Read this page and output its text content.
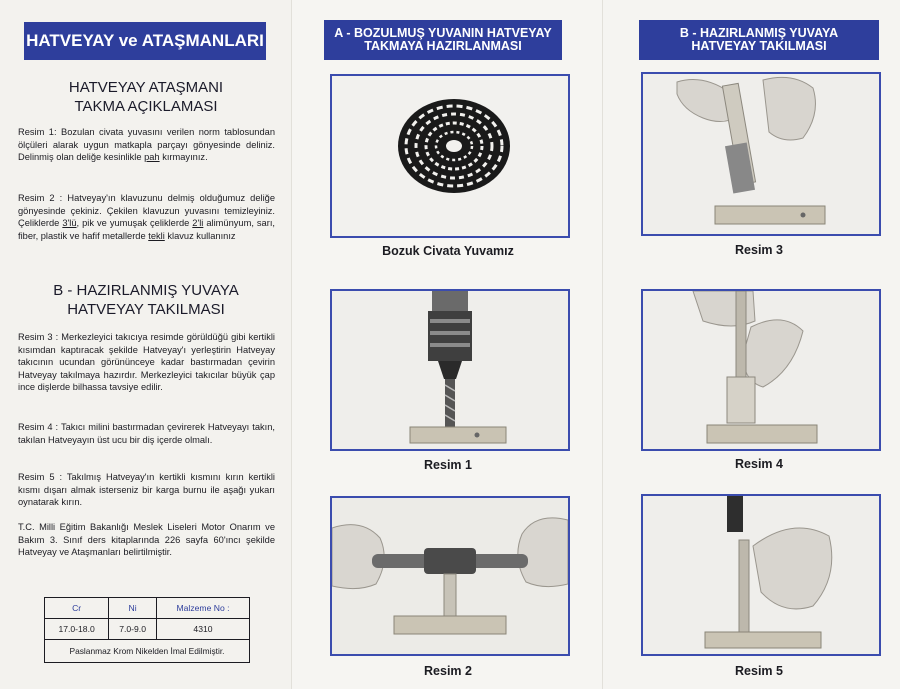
HATVEYAY ve ATAŞMANLARI
HATVEYAY ATAŞMANI
TAKMA AÇIKLAMASI

Resim 1: Bozulan civata yuvasını verilen norm tablosundan ölçüleri alarak uygun matkapla parçayı gönyesinde deliniz. Delinmiş olan deliğe kesinlikle pah kırmayınız.

Resim 2 : Hatveyay'ın klavuzunu delmiş olduğumuz deliğe gönyesinde çekiniz. Çekilen klavuzun yuvasını temizleyiniz. Çeliklerde 3'lü, pik ve yumuşak çeliklerde 2'li alimünyum, sarı, fiber, plastik ve hafif metallerde tekli klavuz kullanınız

B - HAZIRLANMIŞ YUVAYA
HATVEYAY TAKILMASI

Resim 3 : Merkezleyici takıcıya resimde görüldüğü gibi kertikli kısımdan kaptıracak şekilde Hatveyay'ı yerleştirin Hatveyay takıcının ucundan görününceye kadar bastırmadan çevirin Hatveyay takılmaya hazırdır. Merkezleyici takıcılar büyük çap ince dişlerde bilhassa tavsiye edilir.

Resim 4 : Takıcı milini bastırmadan çevirerek Hatveyayı takın, takılan Hatveyayın üst ucu bir diş içerde olmalı.

Resim 5 : Takılmış Hatveyay'ın kertikli kısmını kırın kertikli kısmı dışarı almak isterseniz bir karga burnu ile aşağı yukarı oynatarak kırın.

T.C. Milli Eğitim Bakanlığı Meslek Liseleri Motor Onarım ve Bakım 3. Sınıf ders kitaplarında 226 sayfa 60'ıncı şekilde Hatveyay ve Ataşmanları belirtilmiştir.

Cr	Ni	Malzeme No :
17.0-18.0	7.0-9.0	4310
Paslanmaz Krom Nikelden İmal Edilmiştir.		
A - BOZULMUŞ YUVANIN HATVEYAY
TAKMAYA HAZIRLANMASI
Bozuk Civata Yuvamız
Resim 1
Resim 2
B - HAZIRLANMIŞ YUVAYA
HATVEYAY TAKILMASI
Resim 3
Resim 4
Resim 5
